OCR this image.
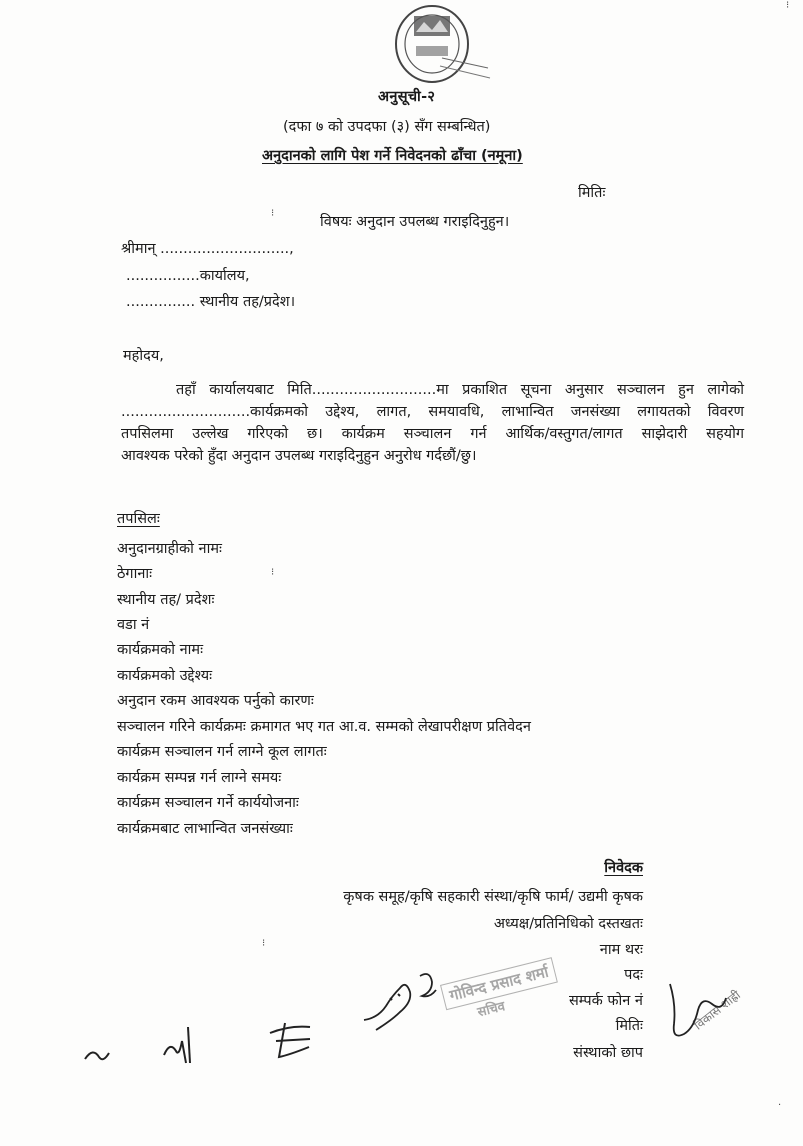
अनुसूची-२
(दफा ७ को उपदफा (३) सँग सम्बन्धित)
अनुदानको लागि पेश गर्ने निवेदनको ढाँचा (नमूना)
मितिः
विषयः अनुदान उपलब्ध गराइदिनुहुन।
श्रीमान् ............................,
................कार्यालय,
............... स्थानीय तह/प्रदेश।
महोदय,
तहाँ कार्यालयबाट मिति...........................मा प्रकाशित सूचना अनुसार सञ्चालन हुन लागेको
............................कार्यक्रमको उद्देश्य, लागत, समयावधि, लाभान्वित जनसंख्या लगायतको विवरण
तपसिलमा उल्लेख गरिएको छ। कार्यक्रम सञ्चालन गर्न आर्थिक/वस्तुगत/लागत साझेदारी सहयोग
आवश्यक परेको हुँदा अनुदान उपलब्ध गराइदिनुहुन अनुरोध गर्दछौं/छु।
तपसिलः
अनुदानग्राहीको नामः
ठेगानाः
स्थानीय तह/ प्रदेशः
वडा नं
कार्यक्रमको नामः
कार्यक्रमको उद्देश्यः
अनुदान रकम आवश्यक पर्नुको कारणः
सञ्चालन गरिने कार्यक्रमः क्रमागत भए गत आ.व. सम्मको लेखापरीक्षण प्रतिवेदन
कार्यक्रम सञ्चालन गर्न लाग्ने कूल लागतः
कार्यक्रम सम्पन्न गर्न लाग्ने समयः
कार्यक्रम सञ्चालन गर्ने कार्ययोजनाः
कार्यक्रमबाट लाभान्वित जनसंख्याः
निवेदक
कृषक समूह/कृषि सहकारी संस्था/कृषि फार्म/ उद्यमी कृषक
अध्यक्ष/प्रतिनिधिको दस्तखतः
नाम थरः
पदः
सम्पर्क फोन नं
मितिः
संस्थाको छाप
गोविन्द प्रसाद शर्मा
सचिव	विकास शाह्री
⁝
⁝
⁝
⁝
·
